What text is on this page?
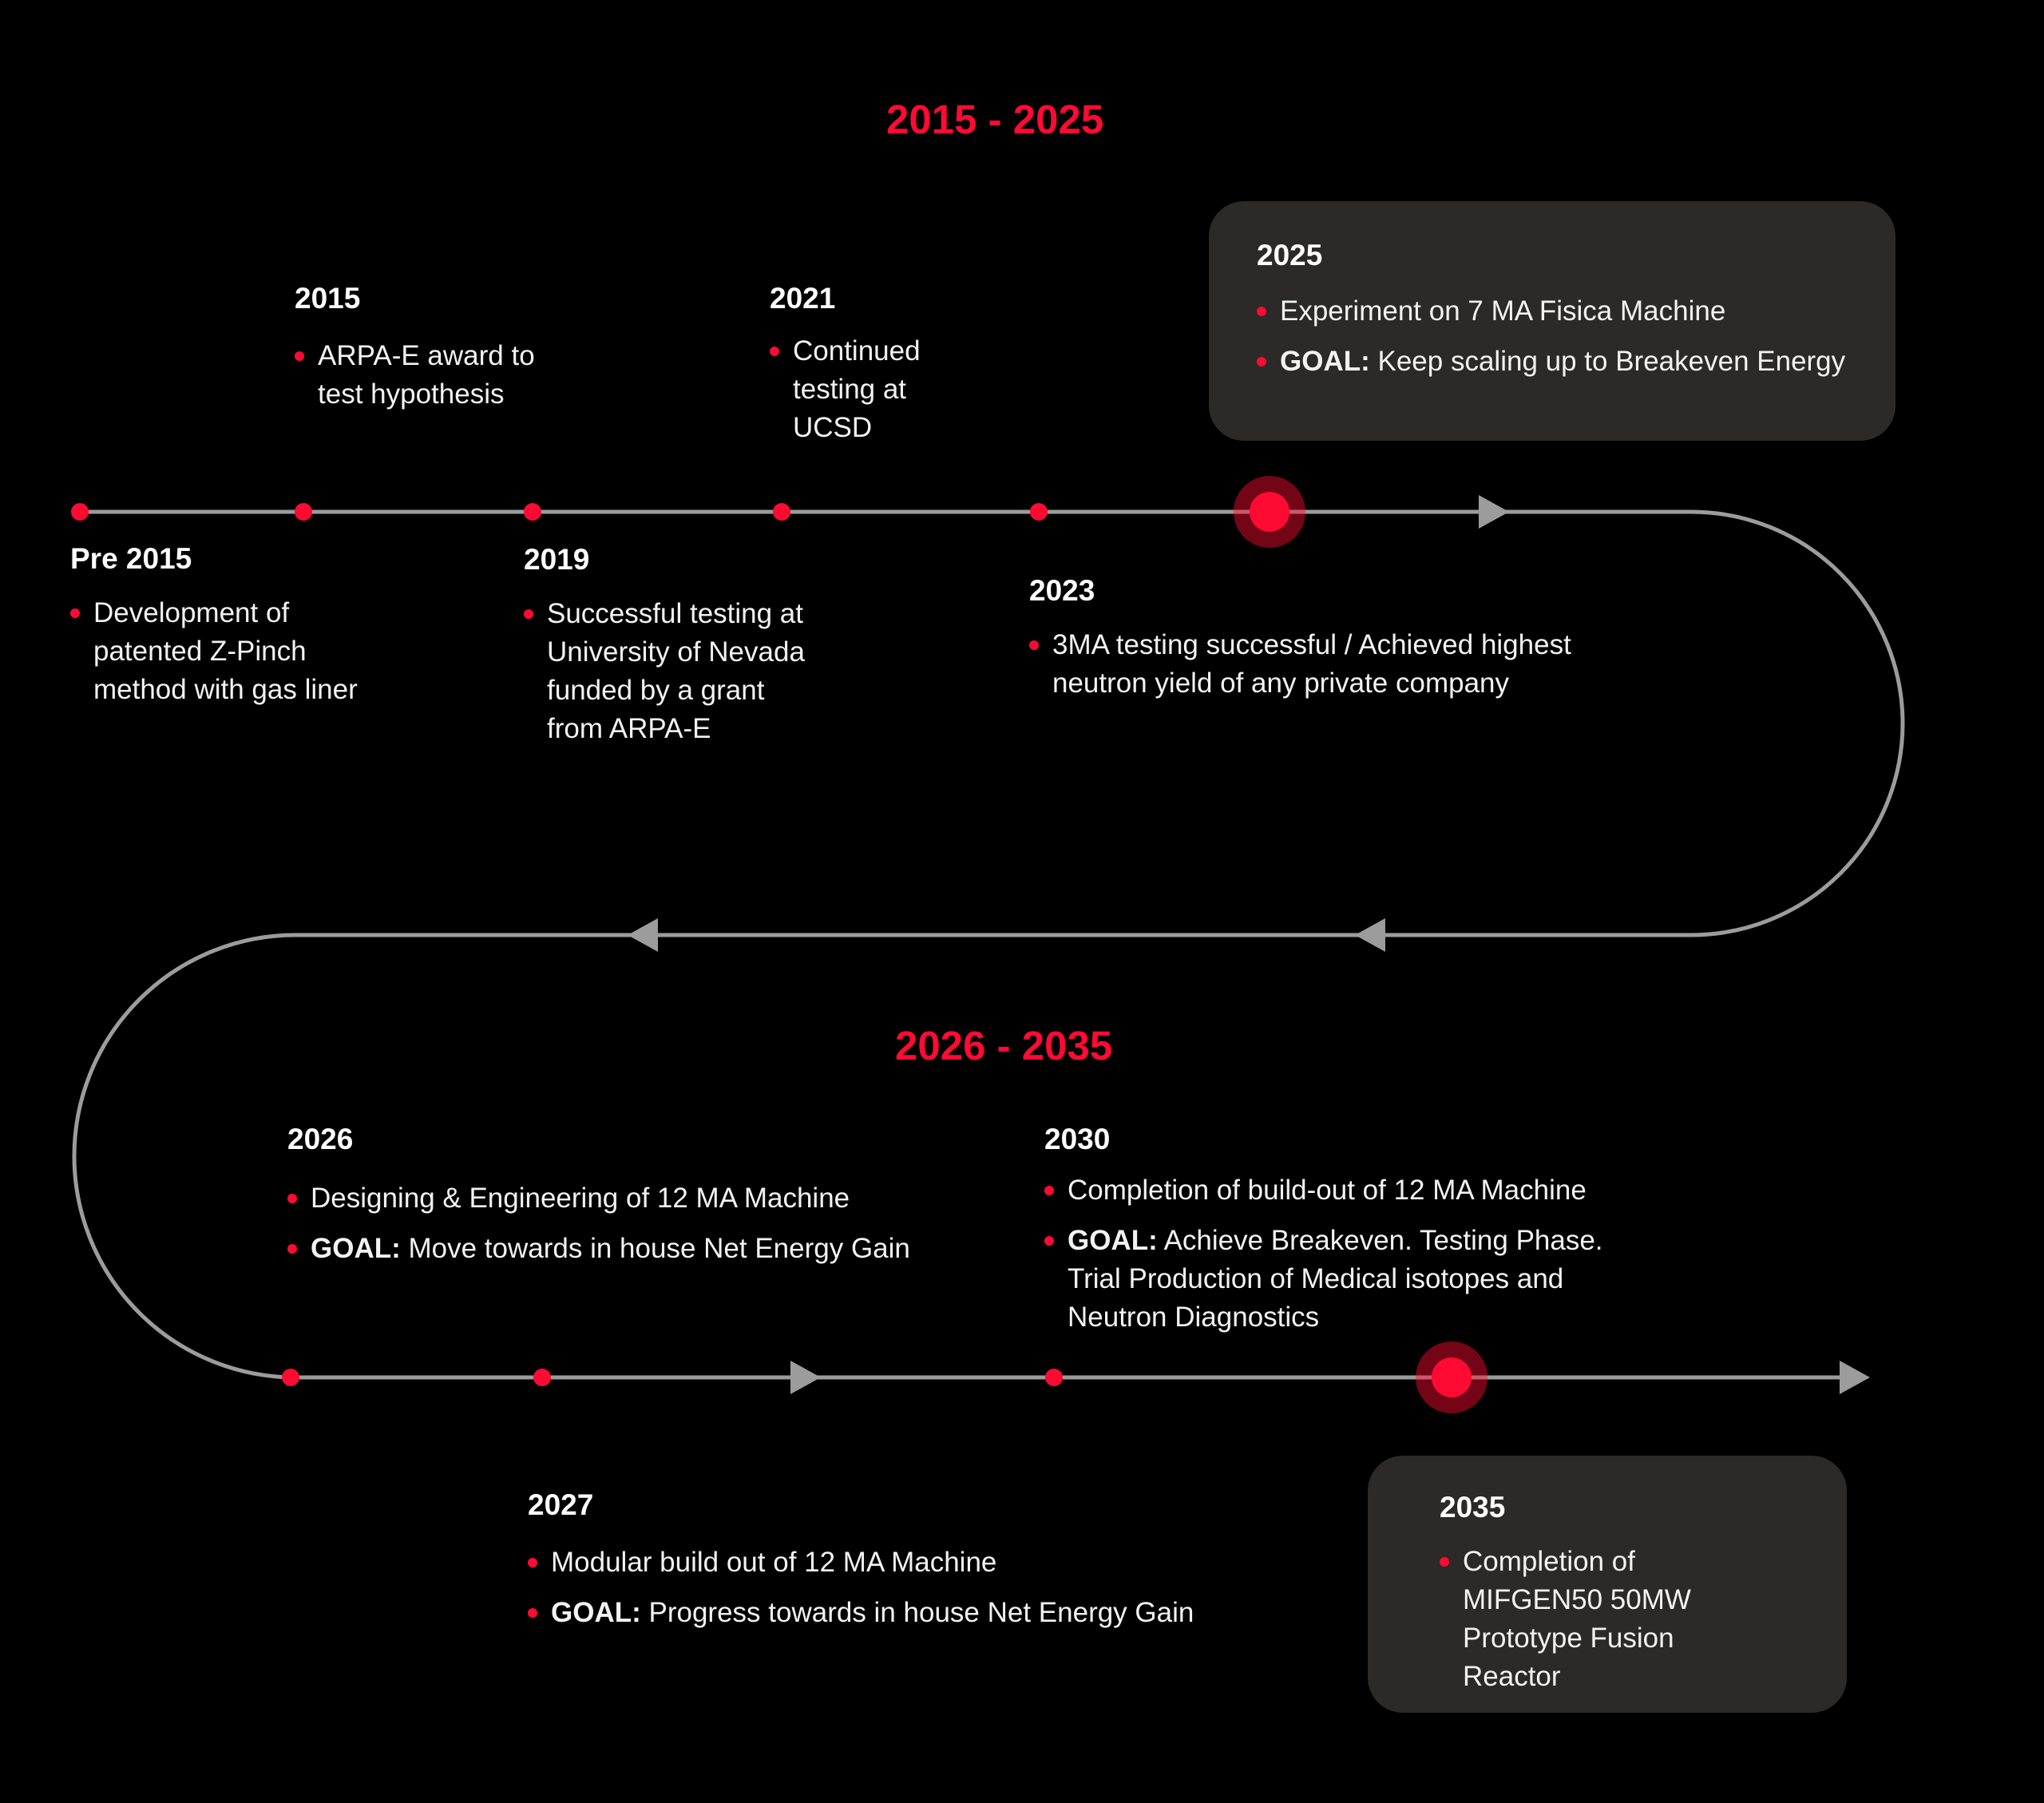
2015 - 2025
2026 - 2035
Pre 2015
Development of patented Z-Pinch method with gas liner
2015
ARPA-E award to test hypothesis
2019
Successful testing at University of Nevada funded by a grant from ARPA-E
2021
Continued testing at UCSD
2023
3MA testing successful / Achieved highest neutron yield of any private company
2025
Experiment on 7 MA Fisica Machine
GOAL: Keep scaling up to Breakeven Energy
2026
Designing & Engineering of 12 MA Machine
GOAL: Move towards in house Net Energy Gain
2027
Modular build out of 12 MA Machine
GOAL: Progress towards in house Net Energy Gain
2030
Completion of build-out of 12 MA Machine
GOAL: Achieve Breakeven. Testing Phase. Trial Production of Medical isotopes and Neutron Diagnostics
2035
Completion of MIFGEN50 50MW Prototype Fusion Reactor
